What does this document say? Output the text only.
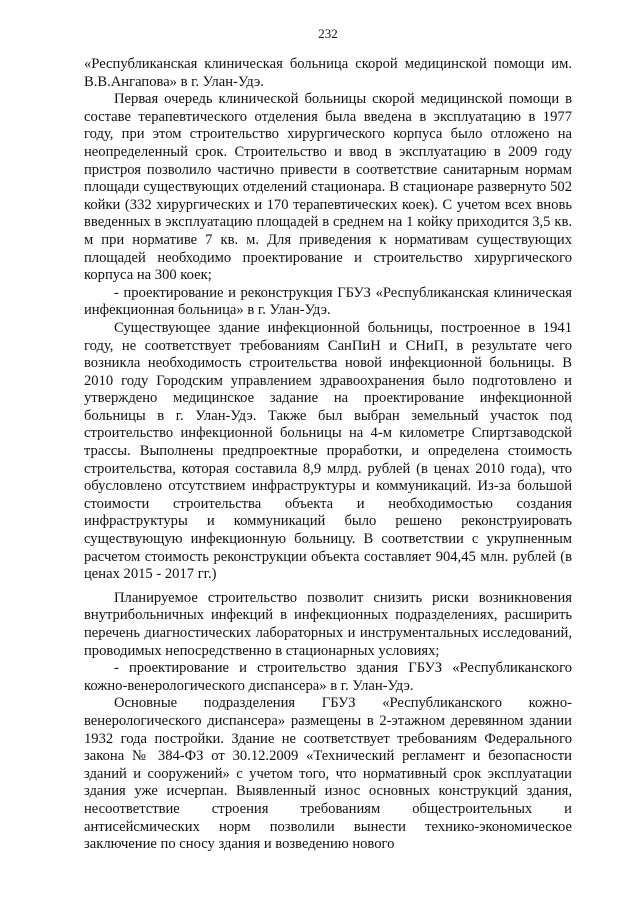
232

«Республиканская клиническая больница скорой медицинской помощи им. В.В.Ангапова» в г. Улан-Удэ.

Первая очередь клинической больницы скорой медицинской помощи в составе терапевтического отделения была введена в эксплуатацию в 1977 году, при этом строительство хирургического корпуса было отложено на неопределенный срок. Строительство и ввод в эксплуатацию в 2009 году пристроя позволило частично привести в соответствие санитарным нормам площади существующих отделений стационара. В стационаре развернуто 502 койки (332 хирургических и 170 терапевтических коек). С учетом всех вновь введенных в эксплуатацию площадей в среднем на 1 койку приходится 3,5 кв. м при нормативе 7 кв. м. Для приведения к нормативам существующих площадей необходимо проектирование и строительство хирургического корпуса на 300 коек;

- проектирование и реконструкция ГБУЗ «Республиканская клиническая инфекционная больница» в г. Улан-Удэ.

Существующее здание инфекционной больницы, построенное в 1941 году, не соответствует требованиям СанПиН и СНиП, в результате чего возникла необходимость строительства новой инфекционной больницы. В 2010 году Городским управлением здравоохранения было подготовлено и утверждено медицинское задание на проектирование инфекционной больницы в г. Улан-Удэ. Также был выбран земельный участок под строительство инфекционной больницы на 4-м километре Спиртзаводской трассы. Выполнены предпроектные проработки, и определена стоимость строительства, которая составила 8,9 млрд. рублей (в ценах 2010 года), что обусловлено отсутствием инфраструктуры и коммуникаций. Из-за большой стоимости строительства объекта и необходимостью создания инфраструктуры и коммуникаций было решено реконструировать существующую инфекционную больницу. В соответствии с укрупненным расчетом стоимость реконструкции объекта составляет 904,45 млн. рублей (в ценах 2015 - 2017 гг.)

Планируемое строительство позволит снизить риски возникновения внутрибольничных инфекций в инфекционных подразделениях, расширить перечень диагностических лабораторных и инструментальных исследований, проводимых непосредственно в стационарных условиях;

- проектирование и строительство здания ГБУЗ «Республиканского кожно-венерологического диспансера» в г. Улан-Удэ.

Основные подразделения ГБУЗ «Республиканского кожно-венерологического диспансера» размещены в 2-этажном деревянном здании 1932 года постройки. Здание не соответствует требованиям Федерального закона № 384-ФЗ от 30.12.2009 «Технический регламент и безопасности зданий и сооружений» с учетом того, что нормативный срок эксплуатации здания уже исчерпан. Выявленный износ основных конструкций здания, несоответствие строения требованиям общестроительных и антисейсмических норм позволили вынести технико-экономическое заключение по сносу здания и возведению нового
